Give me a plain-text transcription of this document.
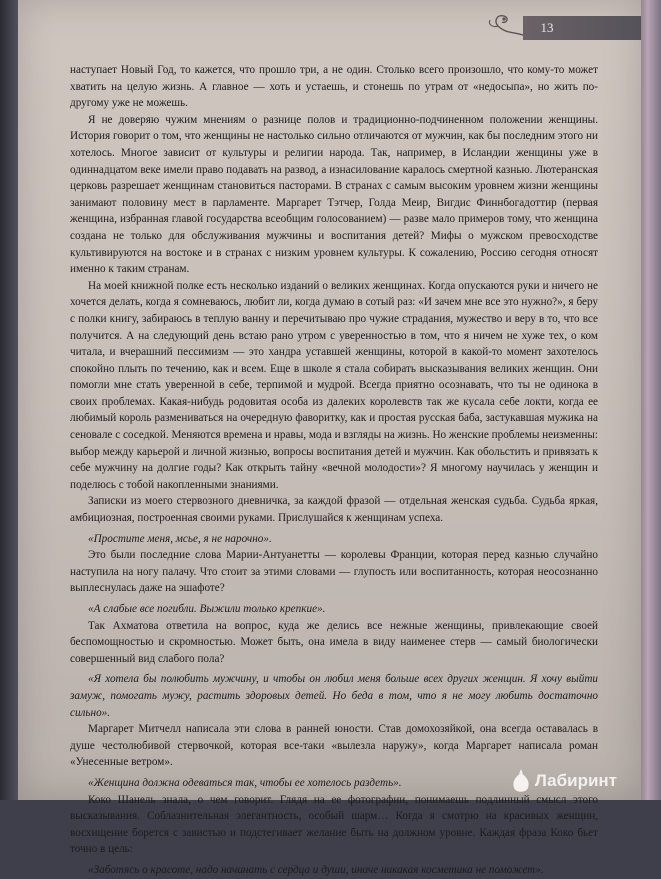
13

наступает Новый Год, то кажется, что прошло три, а не один. Столько всего произошло, что кому-то может хватить на целую жизнь. А главное — хоть и устаешь, и стонешь по утрам от «недосыпа», но жить по-другому уже не можешь.

Я не доверяю чужим мнениям о разнице полов и традиционно-подчиненном положении женщины. История говорит о том, что женщины не настолько сильно отличаются от мужчин, как бы последним этого ни хотелось. Многое зависит от культуры и религии народа. Так, например, в Исландии женщины уже в одиннадцатом веке имели право подавать на развод, а изнасилование каралось смертной казнью. Лютеранская церковь разрешает женщинам становиться пасторами. В странах с самым высоким уровнем жизни женщины занимают половину мест в парламенте. Маргарет Тэтчер, Голда Меир, Вигдис Финнбогадоттир (первая женщина, избранная главой государства всеобщим голосованием) — разве мало примеров тому, что женщина создана не только для обслуживания мужчины и воспитания детей? Мифы о мужском превосходстве культивируются на востоке и в странах с низким уровнем культуры. К сожалению, Россию сегодня относят именно к таким странам.

На моей книжной полке есть несколько изданий о великих женщинах. Когда опускаются руки и ничего не хочется делать, когда я сомневаюсь, любит ли, когда думаю в сотый раз: «И зачем мне все это нужно?», я беру с полки книгу, забираюсь в теплую ванну и перечитываю про чужие страдания, мужество и веру в то, что все получится. А на следующий день встаю рано утром с уверенностью в том, что я ничем не хуже тех, о ком читала, и вчерашний пессимизм — это хандра уставшей женщины, которой в какой-то момент захотелось спокойно плыть по течению, как и всем. Еще в школе я стала собирать высказывания великих женщин. Они помогли мне стать уверенной в себе, терпимой и мудрой. Всегда приятно осознавать, что ты не одинока в своих проблемах. Какая-нибудь родовитая особа из далеких королевств так же кусала себе локти, когда ее любимый король размениваться на очередную фаворитку, как и простая русская баба, застукавшая мужика на сеновале с соседкой. Меняются времена и нравы, мода и взгляды на жизнь. Но женские проблемы неизменны: выбор между карьерой и личной жизнью, вопросы воспитания детей и мужчин. Как обольстить и привязать к себе мужчину на долгие годы? Как открыть тайну «вечной молодости»? Я многому научилась у женщин и поделюсь с тобой накопленными знаниями.

Записки из моего стервозного дневничка, за каждой фразой — отдельная женская судьба. Судьба яркая, амбициозная, построенная своими руками. Прислушайся к женщинам успеха.

«Простите меня, мсье, я не нарочно».

Это были последние слова Марии-Антуанетты — королевы Франции, которая перед казнью случайно наступила на ногу палачу. Что стоит за этими словами — глупость или воспитанность, которая неосознанно выплеснулась даже на эшафоте?

«А слабые все погибли. Выжили только крепкие».

Так Ахматова ответила на вопрос, куда же делись все нежные женщины, привлекающие своей беспомощностью и скромностью. Может быть, она имела в виду наименее стерв — самый биологически совершенный вид слабого пола?

«Я хотела бы полюбить мужчину, и чтобы он любил меня больше всех других женщин. Я хочу выйти замуж, помогать мужу, растить здоровых детей. Но беда в том, что я не могу любить достаточно сильно».

Маргарет Митчелл написала эти слова в ранней юности. Став домохозяйкой, она всегда оставалась в душе честолюбивой стервочкой, которая все-таки «вылезла наружу», когда Маргарет написала роман «Унесенные ветром».

«Женщина должна одеваться так, чтобы ее хотелось раздеть».

Коко Шанель знала, о чем говорит. Глядя на ее фотографии, понимаешь подлинный смысл этого высказывания. Соблазнительная элегантность, особый шарм… Когда я смотрю на красивых женщин, восхищение борется с завистью и подстегивает желание быть на должном уровне. Каждая фраза Коко бьет точно в цель:

«Заботясь о красоте, надо начинать с сердца и души, иначе никакая косметика не поможет».

Лабиринт
